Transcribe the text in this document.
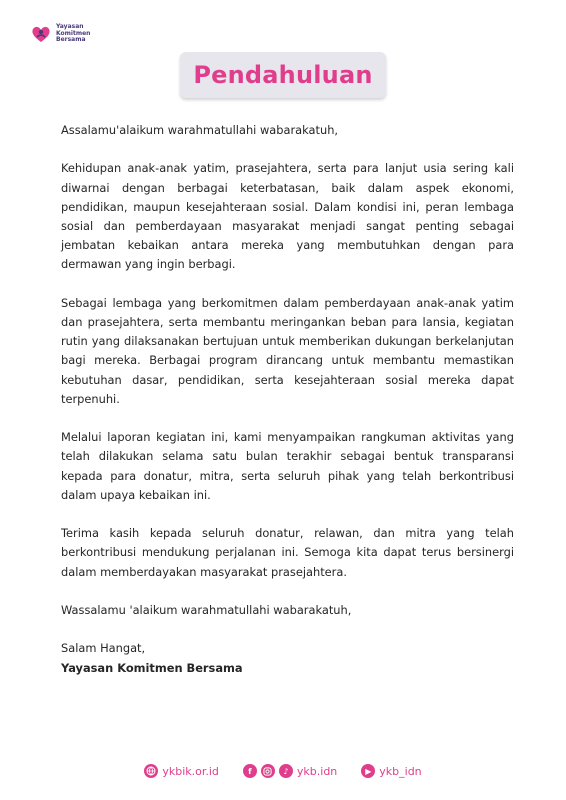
Yayasan
Komitmen
Bersama
Pendahuluan

Assalamu'alaikum warahmatullahi wabarakatuh,

Kehidupan anak-anak yatim, prasejahtera, serta para lanjut usia sering kali diwarnai dengan berbagai keterbatasan, baik dalam aspek ekonomi, pendidikan, maupun kesejahteraan sosial. Dalam kondisi ini, peran lembaga sosial dan pemberdayaan masyarakat menjadi sangat penting sebagai jembatan kebaikan antara mereka yang membutuhkan dengan para dermawan yang ingin berbagi.

Sebagai lembaga yang berkomitmen dalam pemberdayaan anak-anak yatim dan prasejahtera, serta membantu meringankan beban para lansia, kegiatan rutin yang dilaksanakan bertujuan untuk memberikan dukungan berkelanjutan bagi mereka. Berbagai program dirancang untuk membantu memastikan kebutuhan dasar, pendidikan, serta kesejahteraan sosial mereka dapat terpenuhi.

Melalui laporan kegiatan ini, kami menyampaikan rangkuman aktivitas yang telah dilakukan selama satu bulan terakhir sebagai bentuk transparansi kepada para donatur, mitra, serta seluruh pihak yang telah berkontribusi dalam upaya kebaikan ini.

Terima kasih kepada seluruh donatur, relawan, dan mitra yang telah berkontribusi mendukung perjalanan ini. Semoga kita dapat terus bersinergi dalam memberdayakan masyarakat prasejahtera.

Wassalamu 'alaikum warahmatullahi wabarakatuh,

Salam Hangat,

Yayasan Komitmen Bersama

ykbik.or.id	f	♪ ykb.idn	▶ ykb_idn
